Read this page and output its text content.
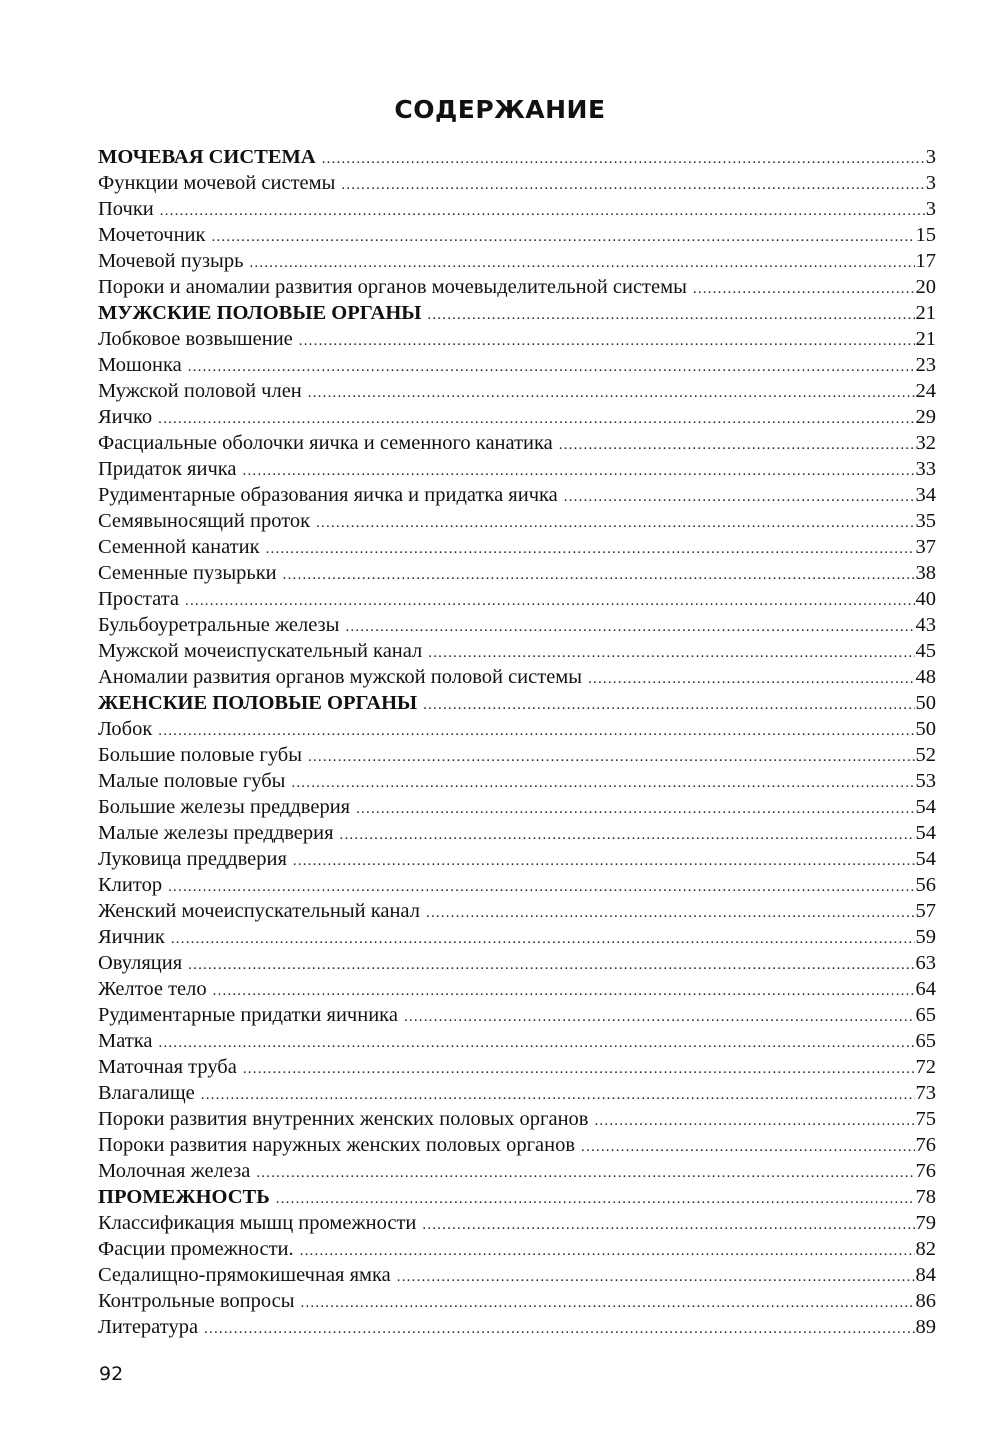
СОДЕРЖАНИЕ
МОЧЕВАЯ СИСТЕМА .....	3
Функции мочевой системы .....	3
Почки .....	3
Мочеточник .....	15
Мочевой пузырь .....	17
Пороки и аномалии развития органов мочевыделительной системы .....	20
МУЖСКИЕ ПОЛОВЫЕ ОРГАНЫ .....	21
Лобковое возвышение .....	21
Мошонка .....	23
Мужской половой член .....	24
Яичко .....	29
Фасциальные оболочки яичка и семенного канатика .....	32
Придаток яичка .....	33
Рудиментарные образования яичка и придатка яичка .....	34
Семявыносящий проток .....	35
Семенной канатик .....	37
Семенные пузырьки .....	38
Простата .....	40
Бульбоуретральные железы .....	43
Мужской мочеиспускательный канал .....	45
Аномалии развития органов мужской половой системы .....	48
ЖЕНСКИЕ ПОЛОВЫЕ ОРГАНЫ .....	50
Лобок .....	50
Большие половые губы .....	52
Малые половые губы .....	53
Большие железы преддверия .....	54
Малые железы преддверия .....	54
Луковица преддверия .....	54
Клитор .....	56
Женский мочеиспускательный канал .....	57
Яичник .....	59
Овуляция .....	63
Желтое тело .....	64
Рудиментарные придатки яичника .....	65
Матка .....	65
Маточная труба .....	72
Влагалище .....	73
Пороки развития внутренних женских половых органов .....	75
Пороки развития наружных женских половых органов .....	76
Молочная железа .....	76
ПРОМЕЖНОСТЬ .....	78
Классификация мышц промежности .....	79
Фасции промежности. .....	82
Седалищно-прямокишечная ямка .....	84
Контрольные вопросы .....	86
Литература .....	89
92
